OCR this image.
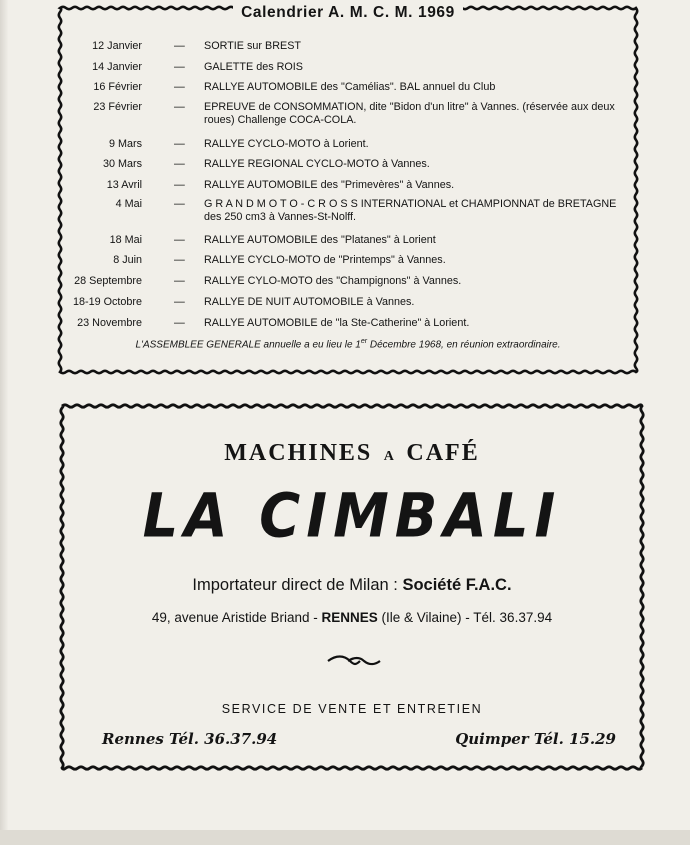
Calendrier A. M. C. M. 1969
12 Janvier	— SORTIE sur BREST
14 Janvier	— GALETTE des ROIS
16 Février	— RALLYE AUTOMOBILE des "Camélias". BAL annuel du Club
23 Février	— EPREUVE de CONSOMMATION, dite "Bidon d'un litre" à Vannes. (réservée aux deux roues) Challenge COCA-COLA.
9 Mars	— RALLYE CYCLO-MOTO à Lorient.
30 Mars	— RALLYE REGIONAL CYCLO-MOTO à Vannes.
13 Avril	— RALLYE AUTOMOBILE des "Primevères" à Vannes.
4 Mai	— G R A N D M O T O - C R O S S INTERNATIONAL et CHAMPIONNAT de BRETAGNE des 250 cm3 à Vannes-St-Nolff.
18 Mai	— RALLYE AUTOMOBILE des "Platanes" à Lorient
8 Juin	— RALLYE CYCLO-MOTO de "Printemps" à Vannes.
28 Septembre	— RALLYE CYLO-MOTO des "Champignons" à Vannes.
18-19 Octobre	— RALLYE DE NUIT AUTOMOBILE à Vannes.
23 Novembre	— RALLYE AUTOMOBILE de "la Ste-Catherine" à Lorient.
L'ASSEMBLEE GENERALE annuelle a eu lieu le 1er Décembre 1968, en réunion extraordinaire.
MACHINES A CAFÉ
LA CIMBALI
Importateur direct de Milan : Société F.A.C.
49, avenue Aristide Briand - RENNES (Ile & Vilaine) - Tél. 36.37.94
SERVICE DE VENTE ET ENTRETIEN
Rennes Tél. 36.37.94	Quimper Tél. 15.29
